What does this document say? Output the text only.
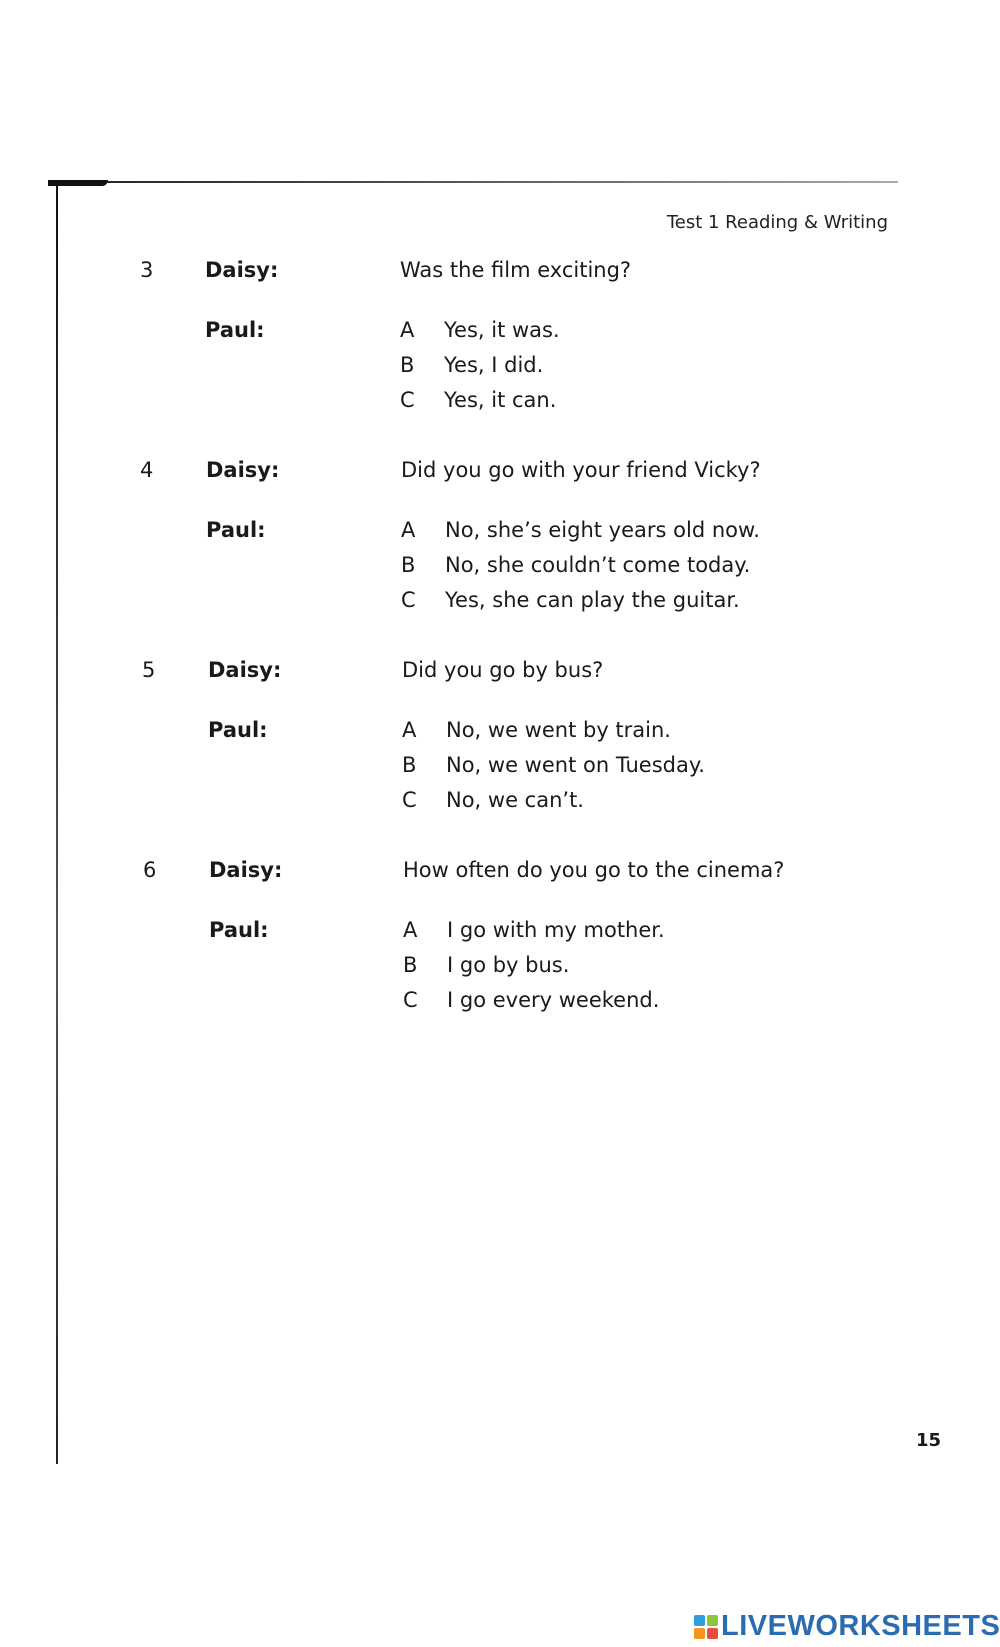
Test 1 Reading & Writing
3 Daisy:	Was the film exciting?
Paul:	A Yes, it was.
B Yes, I did.
C Yes, it can.
4	Daisy:	Did you go with your friend Vicky?
Paul:	A No, she’s eight years old now.
B No, she couldn’t come today.
C Yes, she can play the guitar.
5	Daisy:	Did you go by bus?
Paul:	A No, we went by train.
B No, we went on Tuesday.
C No, we can’t.
6	Daisy:	How often do you go to the cinema?
Paul:	A I go with my mother.
B I go by bus.
C I go every weekend.
15
LIVEWORKSHEETS
